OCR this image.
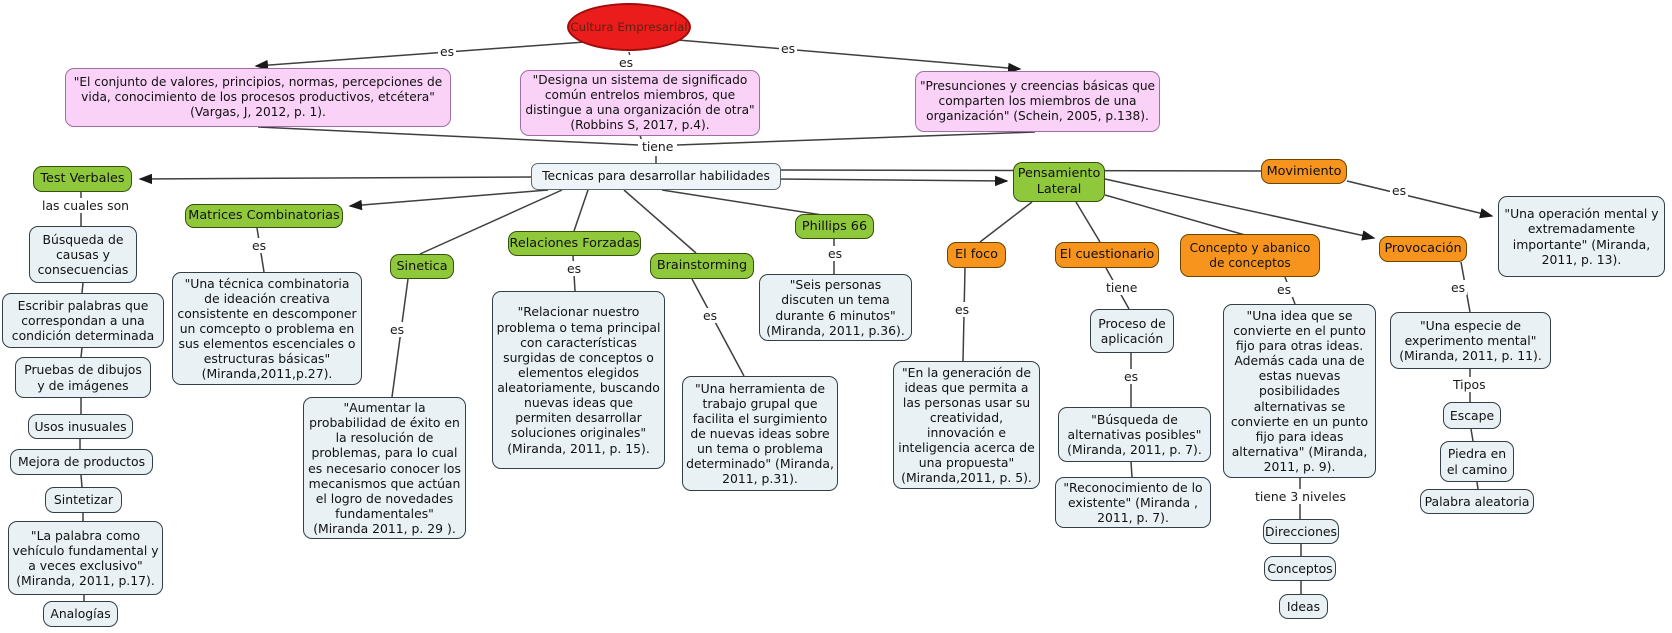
Cultura Empresarial
"El conjunto de valores, principios, normas, percepciones de vida, conocimiento de los procesos productivos, etcétera" (Vargas, J, 2012, p. 1).
"Designa un sistema de significado común entrelos miembros, que distingue a una organización de otra" (Robbins S, 2017, p.4).
"Presunciones y creencias básicas que comparten los miembros de una organización" (Schein, 2005, p.138).
Tecnicas para desarrollar habilidades
Test Verbales
Búsqueda de causas y consecuencias
Escribir palabras que correspondan a una condición determinada
Pruebas de dibujos y de imágenes
Usos inusuales
Mejora de productos
Sintetizar
"La palabra como vehículo fundamental y a veces exclusivo" (Miranda, 2011, p.17).
Analogías
Matrices Combinatorias
"Una técnica combinatoria de ideación creativa consistente en descomponer un comcepto o problema en sus elementos escenciales o estructuras básicas" (Miranda,2011,p.27).
Sinetica
"Aumentar la probabilidad de éxito en la resolución de problemas, para lo cual es necesario conocer los mecanismos que actúan el logro de novedades fundamentales" (Miranda 2011, p. 29 ).
Relaciones Forzadas
"Relacionar nuestro problema o tema principal con características surgidas de conceptos o elementos elegidos aleatoriamente, buscando nuevas ideas que permiten desarrollar soluciones originales" (Miranda, 2011, p. 15).
Brainstorming
"Una herramienta de trabajo grupal que facilita el surgimiento de nuevas ideas sobre un tema o problema determinado" (Miranda, 2011, p.31).
Phillips 66
"Seis personas discuten un tema durante 6 minutos" (Miranda, 2011, p.36).
Pensamiento Lateral
El foco
"En la generación de ideas que permita a las personas usar su creatividad, innovación e inteligencia acerca de una propuesta" (Miranda,2011, p. 5).
El cuestionario
Proceso de aplicación
"Búsqueda de alternativas posibles" (Miranda, 2011, p. 7).
"Reconocimiento de lo existente" (Miranda , 2011, p. 7).
Concepto y abanico de conceptos
"Una idea que se convierte en el punto fijo para otras ideas. Además cada una de estas nuevas posibilidades alternativas se convierte en un punto fijo para ideas alternativa" (Miranda, 2011, p. 9).
Direcciones
Conceptos
Ideas
Movimiento
"Una operación mental y extremadamente importante" (Miranda, 2011, p. 13).
Provocación
"Una especie de experimento mental" (Miranda, 2011, p. 11).
Escape
Piedra en el camino
Palabra aleatoria
es
es
es
tiene
las cuales son
es
es
es
es
es
es
tiene
es
es
es
es
Tipos
tiene 3 niveles
